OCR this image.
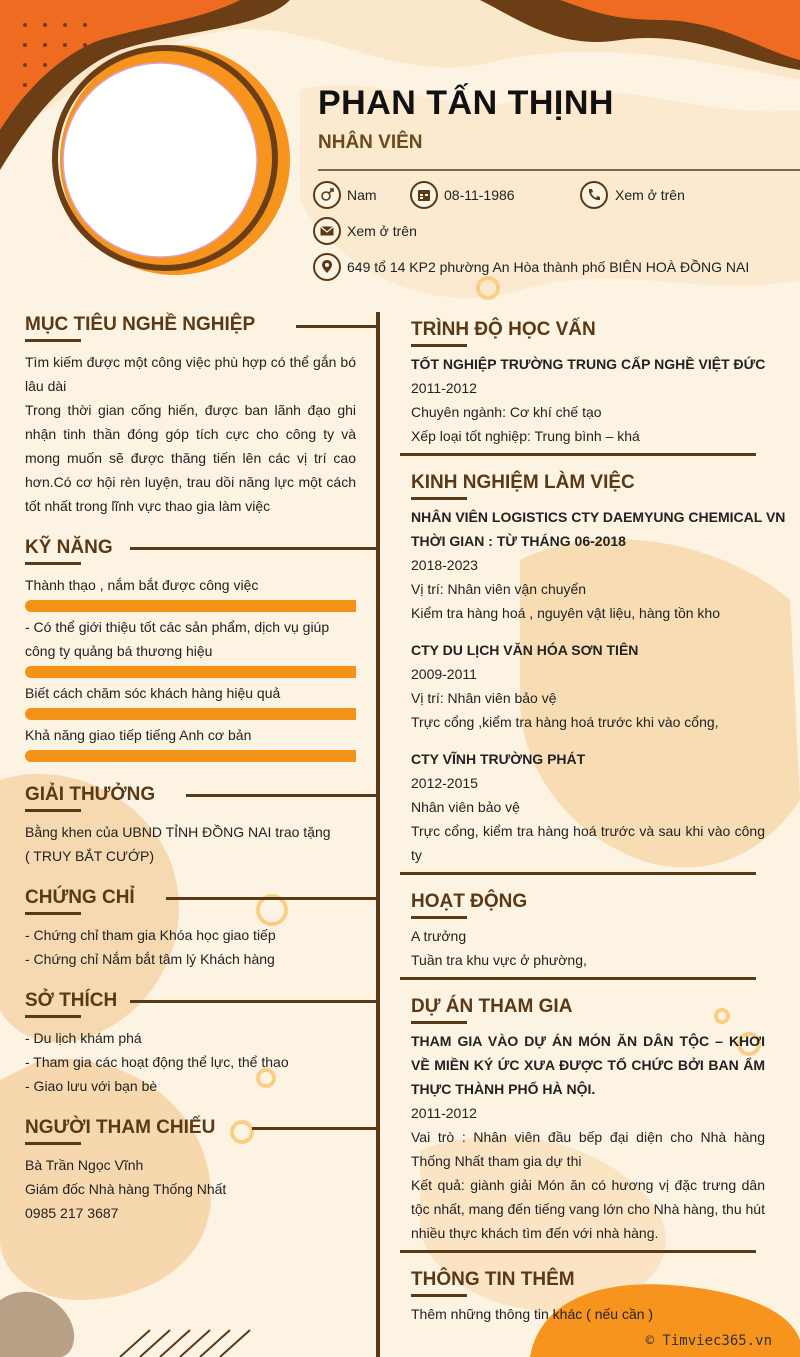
PHAN TẤN THỊNH
NHÂN VIÊN
Nam	08-11-1986	Xem ở trên
Xem ở trên
649 tổ 14 KP2 phường An Hòa thành phố BIÊN HOÀ ĐỒNG NAI
MỤC TIÊU NGHỀ NGHIỆP
Tìm kiếm được một công việc phù hợp có thể gắn bó lâu dài
Trong thời gian cống hiến, được ban lãnh đạo ghi nhận tinh thần đóng góp tích cực cho công ty và mong muốn sẽ được thăng tiến lên các vị trí cao hơn.Có cơ hội rèn luyện, trau dồi năng lực một cách tốt nhất trong lĩnh vực thao gia làm việc
KỸ NĂNG
Thành thạo , nắm bắt được công việc
- Có thể giới thiệu tốt các sản phẩm, dịch vụ giúp công ty quảng bá thương hiệu
Biết cách chăm sóc khách hàng hiệu quả
Khả năng giao tiếp tiếng Anh cơ bản
GIẢI THƯỞNG
Bằng khen của UBND TỈNH ĐỒNG NAI trao tặng
( TRUY BẮT CƯỚP)
CHỨNG CHỈ
- Chứng chỉ tham gia Khóa học giao tiếp
- Chứng chỉ Nắm bắt tâm lý Khách hàng
SỞ THÍCH
- Du lịch khám phá
- Tham gia các hoạt động thể lực, thể thao
- Giao lưu với bạn bè
NGƯỜI THAM CHIẾU
Bà Trần Ngọc Vĩnh
Giám đốc Nhà hàng Thống Nhất
0985 217 3687
TRÌNH ĐỘ HỌC VẤN
TỐT NGHIỆP TRƯỜNG TRUNG CẤP NGHỀ VIỆT ĐỨC
2011-2012
Chuyên ngành: Cơ khí chế tạo
Xếp loại tốt nghiệp: Trung bình – khá
KINH NGHIỆM LÀM VIỆC
NHÂN VIÊN LOGISTICS CTY DAEMYUNG CHEMICAL VN
THỜI GIAN : TỪ THÁNG 06-2018
2018-2023
Vị trí: Nhân viên vận chuyển
Kiểm tra hàng hoá , nguyên vật liệu, hàng tồn kho
CTY DU LỊCH VĂN HÓA SƠN TIÊN
2009-2011
Vị trí: Nhân viên bảo vệ
Trực cổng ,kiểm tra hàng hoá trước khi vào cổng,
CTY VĨNH TRƯỜNG PHÁT
2012-2015
Nhân viên bảo vệ
Trực cổng, kiểm tra hàng hoá trước và sau khi vào công ty
HOẠT ĐỘNG
A trưởng
Tuần tra khu vực ở phường,
DỰ ÁN THAM GIA
THAM GIA VÀO DỰ ÁN MÓN ĂN DÂN TỘC – KHƠI VỀ MIỀN KÝ ỨC XƯA ĐƯỢC TỔ CHỨC BỞI BAN ẨM THỰC THÀNH PHỐ HÀ NỘI.
2011-2012
Vai trò : Nhân viên đầu bếp đại diện cho Nhà hàng Thống Nhất tham gia dự thi
Kết quả: giành giải Món ăn có hương vị đặc trưng dân tộc nhất, mang đến tiếng vang lớn cho Nhà hàng, thu hút nhiều thực khách tìm đến với nhà hàng.
THÔNG TIN THÊM
Thêm những thông tin khác ( nếu cần )
© Timviec365.vn
